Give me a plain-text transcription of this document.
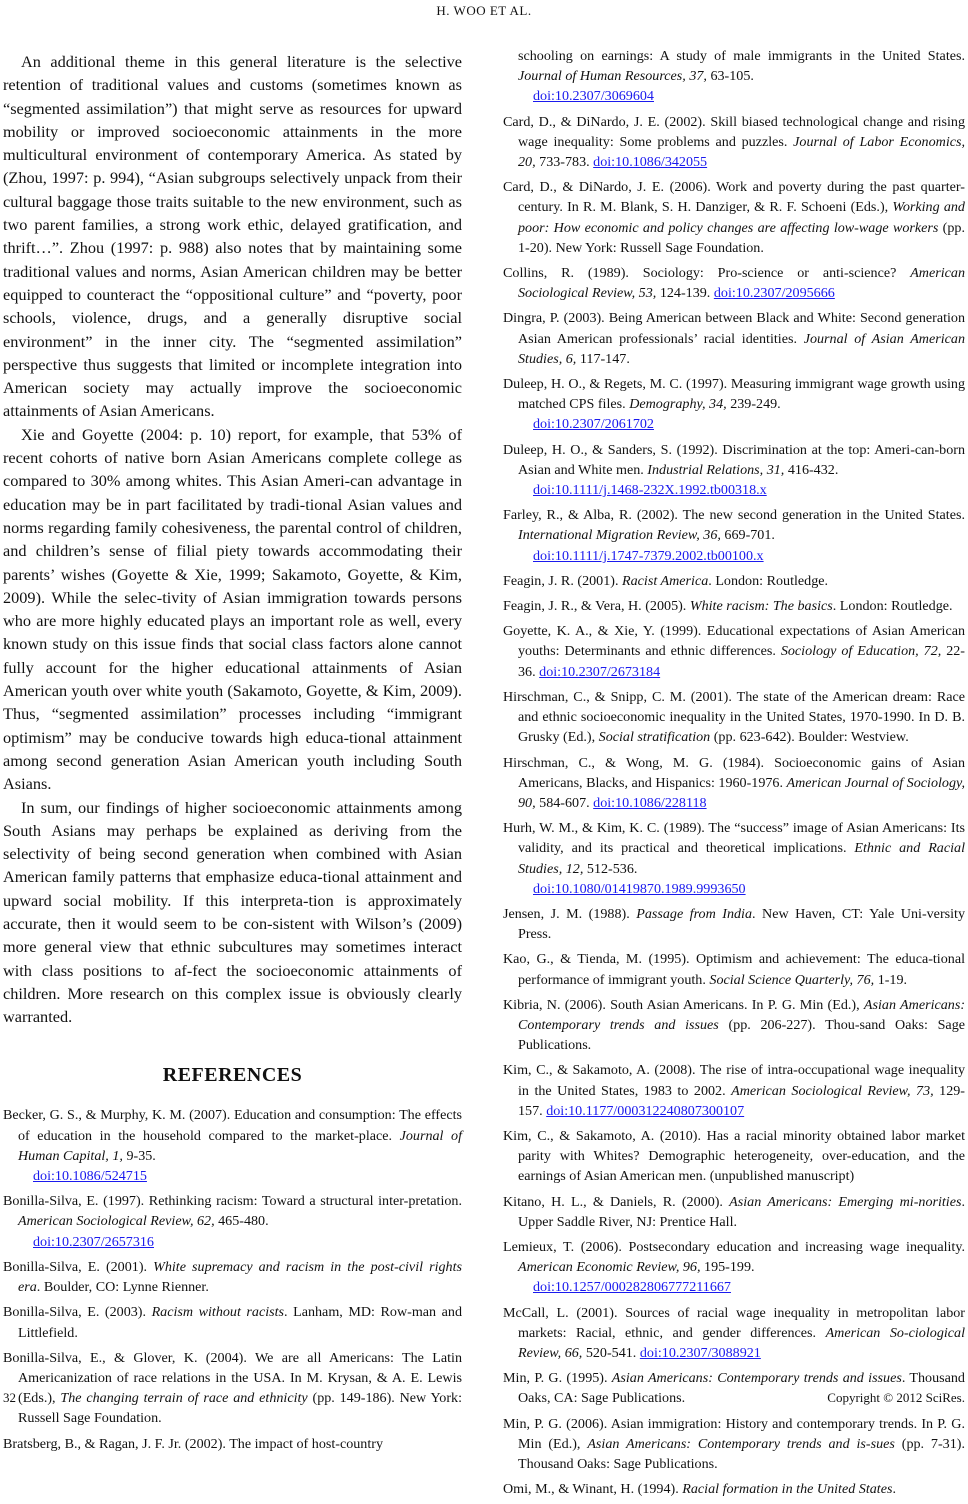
H. WOO ET AL.

An additional theme in this general literature is the selective retention of traditional values and customs (sometimes known as “segmented assimilation”) that might serve as resources for upward mobility or improved socioeconomic attainments in the more multicultural environment of contemporary America. As stated by (Zhou, 1997: p. 994), “Asian subgroups selectively unpack from their cultural baggage those traits suitable to the new environment, such as two parent families, a strong work ethic, delayed gratification, and thrift…”. Zhou (1997: p. 988) also notes that by maintaining some traditional values and norms, Asian American children may be better equipped to counteract the “oppositional culture” and “poverty, poor schools, violence, drugs, and a generally disruptive social environment” in the inner city. The “segmented assimilation” perspective thus suggests that limited or incomplete integration into American society may actually improve the socioeconomic attainments of Asian Americans.

Xie and Goyette (2004: p. 10) report, for example, that 53% of recent cohorts of native born Asian Americans complete college as compared to 30% among whites. This Asian Ameri-can advantage in education may be in part facilitated by tradi-tional Asian values and norms regarding family cohesiveness, the parental control of children, and children’s sense of filial piety towards accommodating their parents’ wishes (Goyette & Xie, 1999; Sakamoto, Goyette, & Kim, 2009). While the selec-tivity of Asian immigration towards persons who are more highly educated plays an important role as well, every known study on this issue finds that social class factors alone cannot fully account for the higher educational attainments of Asian American youth over white youth (Sakamoto, Goyette, & Kim, 2009). Thus, “segmented assimilation” processes including “immigrant optimism” may be conducive towards high educa-tional attainment among second generation Asian American youth including South Asians.

In sum, our findings of higher socioeconomic attainments among South Asians may perhaps be explained as deriving from the selectivity of being second generation when combined with Asian American family patterns that emphasize educa-tional attainment and upward social mobility. If this interpreta-tion is approximately accurate, then it would seem to be con-sistent with Wilson’s (2009) more general view that ethnic subcultures may sometimes interact with class positions to af-fect the socioeconomic attainments of children. More research on this complex issue is obviously clearly warranted.

REFERENCES

Becker, G. S., & Murphy, K. M. (2007). Education and consumption: The effects of education in the household compared to the market-place. Journal of Human Capital, 1, 9-35.
doi:10.1086/524715

Bonilla-Silva, E. (1997). Rethinking racism: Toward a structural inter-pretation. American Sociological Review, 62, 465-480.
doi:10.2307/2657316

Bonilla-Silva, E. (2001). White supremacy and racism in the post-civil rights era. Boulder, CO: Lynne Rienner.

Bonilla-Silva, E. (2003). Racism without racists. Lanham, MD: Row-man and Littlefield.

Bonilla-Silva, E., & Glover, K. (2004). We are all Americans: The Latin Americanization of race relations in the USA. In M. Krysan, & A. E. Lewis (Eds.), The changing terrain of race and ethnicity (pp. 149-186). New York: Russell Sage Foundation.

Bratsberg, B., & Ragan, J. F. Jr. (2002). The impact of host-country

schooling on earnings: A study of male immigrants in the United States. Journal of Human Resources, 37, 63-105.
doi:10.2307/3069604

Card, D., & DiNardo, J. E. (2002). Skill biased technological change and rising wage inequality: Some problems and puzzles. Journal of Labor Economics, 20, 733-783. doi:10.1086/342055

Card, D., & DiNardo, J. E. (2006). Work and poverty during the past quarter-century. In R. M. Blank, S. H. Danziger, & R. F. Schoeni (Eds.), Working and poor: How economic and policy changes are affecting low-wage workers (pp. 1-20). New York: Russell Sage Foundation.

Collins, R. (1989). Sociology: Pro-science or anti-science? American Sociological Review, 53, 124-139. doi:10.2307/2095666

Dingra, P. (2003). Being American between Black and White: Second generation Asian American professionals’ racial identities. Journal of Asian American Studies, 6, 117-147.

Duleep, H. O., & Regets, M. C. (1997). Measuring immigrant wage growth using matched CPS files. Demography, 34, 239-249.
doi:10.2307/2061702

Duleep, H. O., & Sanders, S. (1992). Discrimination at the top: Ameri-can-born Asian and White men. Industrial Relations, 31, 416-432.
doi:10.1111/j.1468-232X.1992.tb00318.x

Farley, R., & Alba, R. (2002). The new second generation in the United States. International Migration Review, 36, 669-701.
doi:10.1111/j.1747-7379.2002.tb00100.x

Feagin, J. R. (2001). Racist America. London: Routledge.

Feagin, J. R., & Vera, H. (2005). White racism: The basics. London: Routledge.

Goyette, K. A., & Xie, Y. (1999). Educational expectations of Asian American youths: Determinants and ethnic differences. Sociology of Education, 72, 22-36. doi:10.2307/2673184

Hirschman, C., & Snipp, C. M. (2001). The state of the American dream: Race and ethnic socioeconomic inequality in the United States, 1970-1990. In D. B. Grusky (Ed.), Social stratification (pp. 623-642). Boulder: Westview.

Hirschman, C., & Wong, M. G. (1984). Socioeconomic gains of Asian Americans, Blacks, and Hispanics: 1960-1976. American Journal of Sociology, 90, 584-607. doi:10.1086/228118

Hurh, W. M., & Kim, K. C. (1989). The “success” image of Asian Americans: Its validity, and its practical and theoretical implications. Ethnic and Racial Studies, 12, 512-536.
doi:10.1080/01419870.1989.9993650

Jensen, J. M. (1988). Passage from India. New Haven, CT: Yale Uni-versity Press.

Kao, G., & Tienda, M. (1995). Optimism and achievement: The educa-tional performance of immigrant youth. Social Science Quarterly, 76, 1-19.

Kibria, N. (2006). South Asian Americans. In P. G. Min (Ed.), Asian Americans: Contemporary trends and issues (pp. 206-227). Thou-sand Oaks: Sage Publications.

Kim, C., & Sakamoto, A. (2008). The rise of intra-occupational wage inequality in the United States, 1983 to 2002. American Sociological Review, 73, 129-157. doi:10.1177/000312240807300107

Kim, C., & Sakamoto, A. (2010). Has a racial minority obtained labor market parity with Whites? Demographic heterogeneity, over-education, and the earnings of Asian American men. (unpublished manuscript)

Kitano, H. L., & Daniels, R. (2000). Asian Americans: Emerging mi-norities. Upper Saddle River, NJ: Prentice Hall.

Lemieux, T. (2006). Postsecondary education and increasing wage inequality. American Economic Review, 96, 195-199.
doi:10.1257/000282806777211667

McCall, L. (2001). Sources of racial wage inequality in metropolitan labor markets: Racial, ethnic, and gender differences. American So-ciological Review, 66, 520-541. doi:10.2307/3088921

Min, P. G. (1995). Asian Americans: Contemporary trends and issues. Thousand Oaks, CA: Sage Publications.

Min, P. G. (2006). Asian immigration: History and contemporary trends. In P. G. Min (Ed.), Asian Americans: Contemporary trends and is-sues (pp. 7-31). Thousand Oaks: Sage Publications.

Omi, M., & Winant, H. (1994). Racial formation in the United States.

32	Copyright © 2012 SciRes.
